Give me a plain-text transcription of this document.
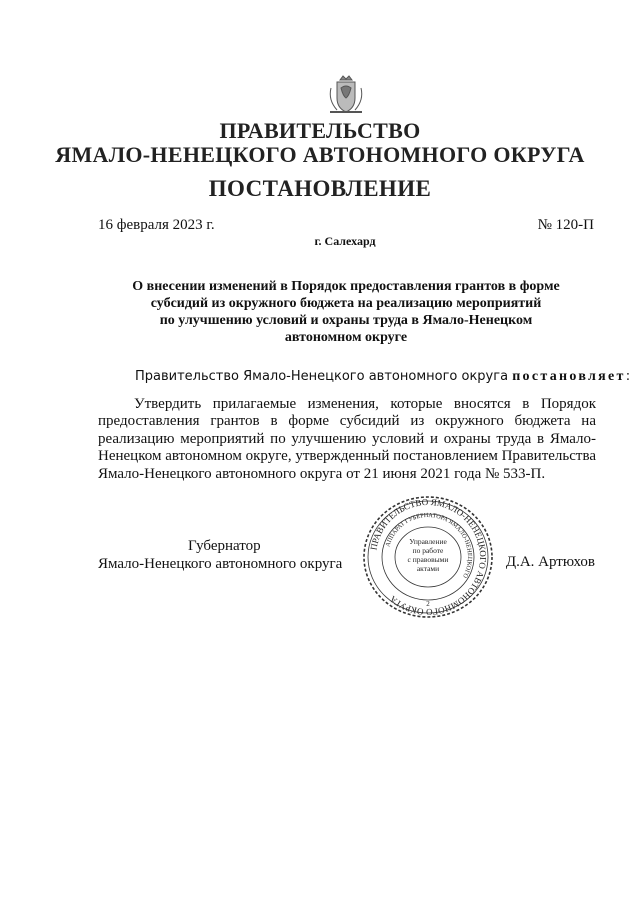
ПРАВИТЕЛЬСТВО
ЯМАЛО-НЕНЕЦКОГО АВТОНОМНОГО ОКРУГА
ПОСТАНОВЛЕНИЕ
16 февраля 2023 г.	№ 120-П
г. Салехард
О внесении изменений в Порядок предоставления грантов в форме
субсидий из окружного бюджета на реализацию мероприятий
по улучшению условий и охраны труда в Ямало-Ненецком
автономном округе
Правительство Ямало-Ненецкого автономного округа постановляет:
Утвердить прилагаемые изменения, которые вносятся в Порядок предоставления грантов в форме субсидий из окружного бюджета на реализацию мероприятий по улучшению условий и охраны труда в Ямало-Ненецком автономном округе, утвержденный постановлением Правительства Ямало-Ненецкого автономного округа от 21 июня 2021 года № 533-П.
Губернатор
Ямало-Ненецкого автономного округа	Д.А. Артюхов
ПРАВИТЕЛЬСТВО ЯМАЛО-НЕНЕЦКОГО АВТОНОМНОГО ОКРУГА
АППАРАТ ГУБЕРНАТОРА ЯМАЛО-НЕНЕЦКОГО
Управление
по работе
с правовыми
актами
2
